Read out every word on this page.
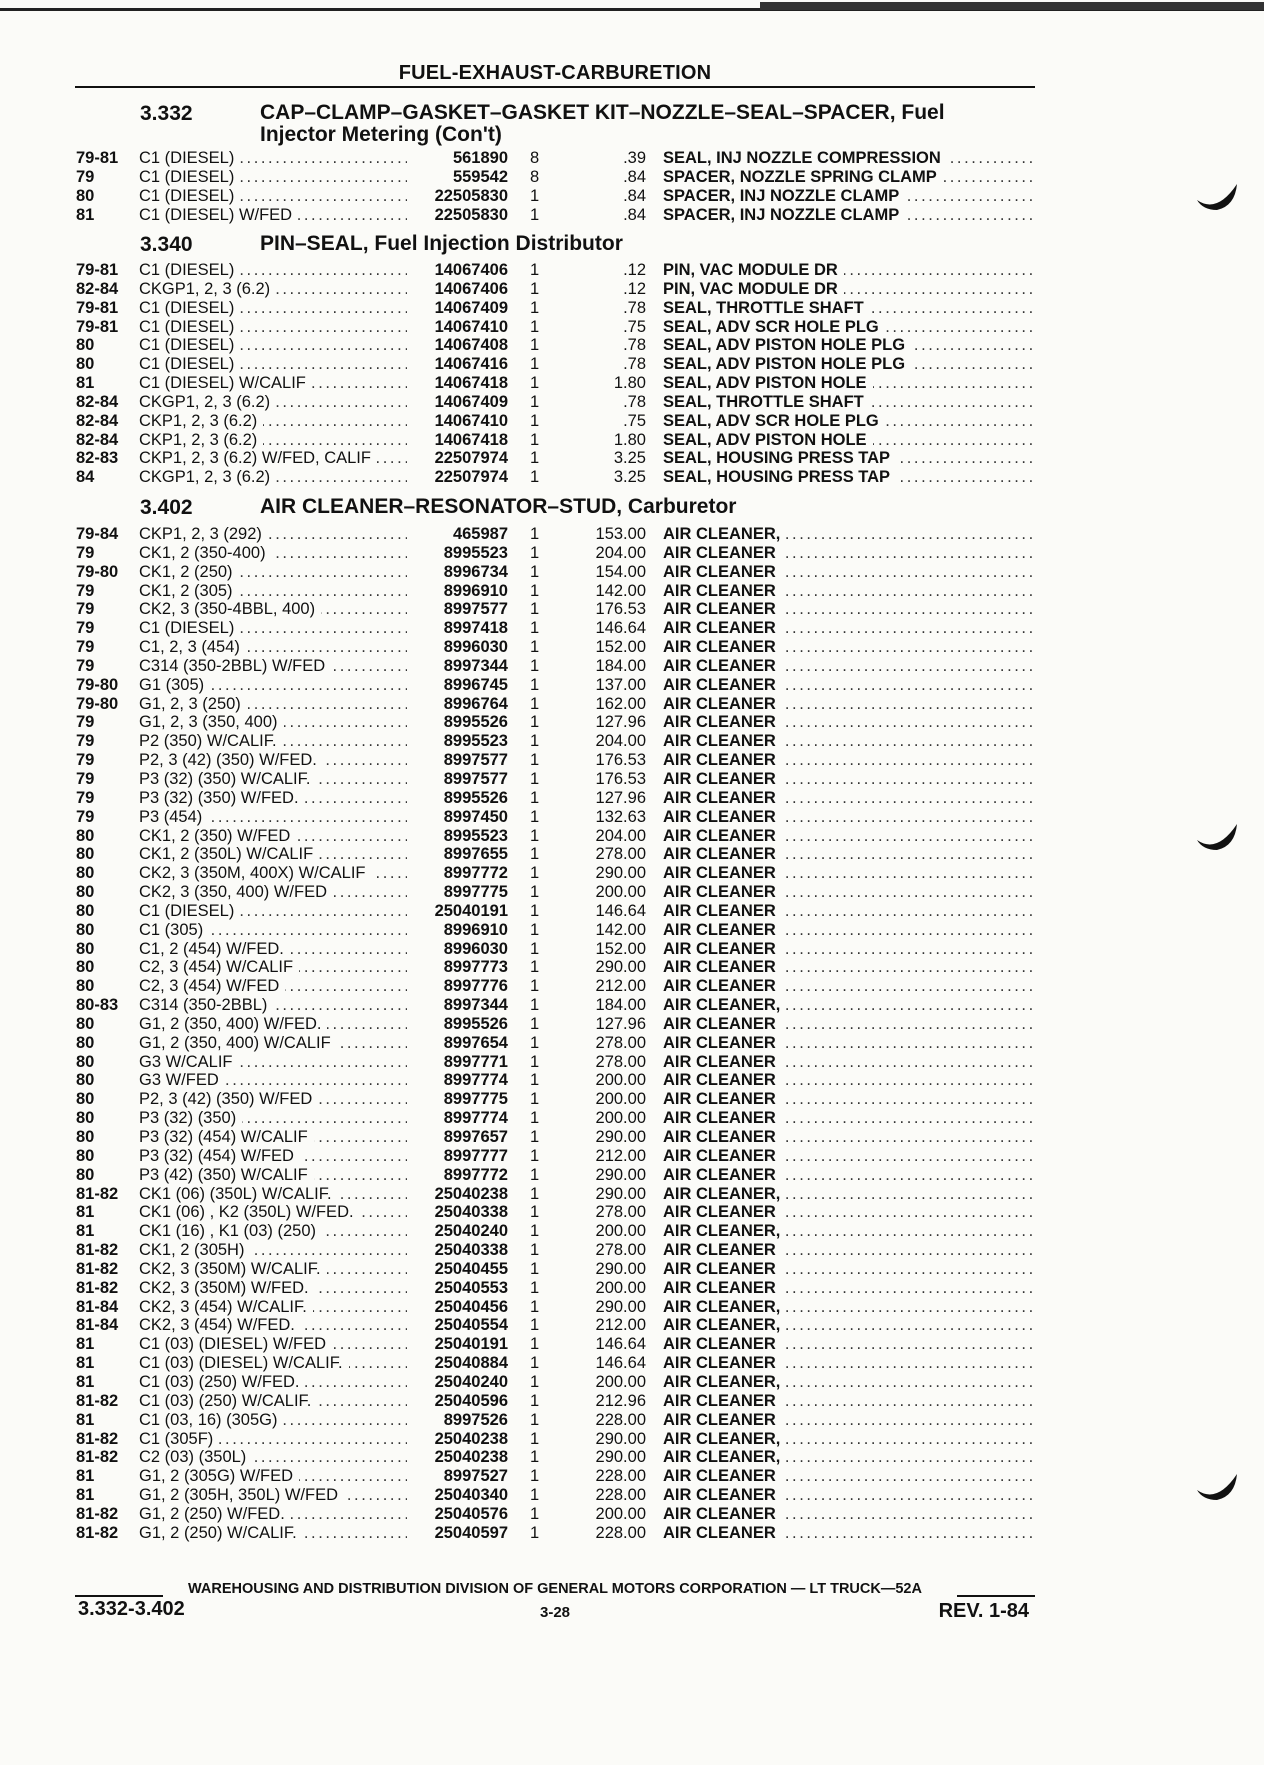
FUEL-EXHAUST-CARBURETION
3.332	CAP–CLAMP–GASKET–GASKET KIT–NOZZLE–SEAL–SPACER, Fuel
Injector Metering (Con't)
79-81 C1 (DIESEL) . . .	561890 8	.39 SEAL, INJ NOZZLE COMPRESSION . . .
79	C1 (DIESEL) . . .	559542 8	.84 SPACER, NOZZLE SPRING CLAMP . . .
80	C1 (DIESEL) . . .	22505830 1	.84 SPACER, INJ NOZZLE CLAMP . . .
81	C1 (DIESEL) W/FED . . .	22505830 1	.84 SPACER, INJ NOZZLE CLAMP . . .
3.340	PIN–SEAL, Fuel Injection Distributor
79-81 C1 (DIESEL) . . .	14067406 1	.12 PIN, VAC MODULE DR . . .
82-84 CKGP1, 2, 3 (6.2) . . .	14067406 1	.12 PIN, VAC MODULE DR . . .
79-81 C1 (DIESEL) . . .	14067409 1	.78 SEAL, THROTTLE SHAFT . . .
79-81 C1 (DIESEL) . . .	14067410 1	.75 SEAL, ADV SCR HOLE PLG . . .
80	C1 (DIESEL) . . .	14067408 1	.78 SEAL, ADV PISTON HOLE PLG . . .
80	C1 (DIESEL) . . .	14067416 1	.78 SEAL, ADV PISTON HOLE PLG . . .
81	C1 (DIESEL) W/CALIF . . .	14067418 1	1.80 SEAL, ADV PISTON HOLE . . .
82-84 CKGP1, 2, 3 (6.2) . . .	14067409 1	.78 SEAL, THROTTLE SHAFT . . .
82-84 CKP1, 2, 3 (6.2) . . .	14067410 1	.75 SEAL, ADV SCR HOLE PLG . . .
82-84 CKP1, 2, 3 (6.2) . . .	14067418 1	1.80 SEAL, ADV PISTON HOLE . . .
82-83 CKP1, 2, 3 (6.2) W/FED, CALIF . . .	22507974 1	3.25 SEAL, HOUSING PRESS TAP . . .
84	CKGP1, 2, 3 (6.2) . . .	22507974 1	3.25 SEAL, HOUSING PRESS TAP . . .
3.402	AIR CLEANER–RESONATOR–STUD, Carburetor
79-84 CKP1, 2, 3 (292) . . .	465987 1	153.00 AIR CLEANER, . . .
79	CK1, 2 (350-400) . . .	8995523 1	204.00 AIR CLEANER . . .
79-80 CK1, 2 (250) . . .	8996734 1	154.00 AIR CLEANER . . .
79	CK1, 2 (305) . . .	8996910 1	142.00 AIR CLEANER . . .
79	CK2, 3 (350-4BBL, 400) . . .	8997577 1	176.53 AIR CLEANER . . .
79	C1 (DIESEL) . . .	8997418 1	146.64 AIR CLEANER . . .
79	C1, 2, 3 (454) . . .	8996030 1	152.00 AIR CLEANER . . .
79	C314 (350-2BBL) W/FED . . .	8997344 1	184.00 AIR CLEANER . . .
79-80 G1 (305) . . .	8996745 1	137.00 AIR CLEANER . . .
79-80 G1, 2, 3 (250) . . .	8996764 1	162.00 AIR CLEANER . . .
79	G1, 2, 3 (350, 400) . . .	8995526 1	127.96 AIR CLEANER . . .
79	P2 (350) W/CALIF. . . .	8995523 1	204.00 AIR CLEANER . . .
79	P2, 3 (42) (350) W/FED. . . .	8997577 1	176.53 AIR CLEANER . . .
79	P3 (32) (350) W/CALIF. . . .	8997577 1	176.53 AIR CLEANER . . .
79	P3 (32) (350) W/FED. . . .	8995526 1	127.96 AIR CLEANER . . .
79	P3 (454) . . .	8997450 1	132.63 AIR CLEANER . . .
80	CK1, 2 (350) W/FED . . .	8995523 1	204.00 AIR CLEANER . . .
80	CK1, 2 (350L) W/CALIF . . .	8997655 1	278.00 AIR CLEANER . . .
80	CK2, 3 (350M, 400X) W/CALIF . . .	8997772 1	290.00 AIR CLEANER . . .
80	CK2, 3 (350, 400) W/FED . . .	8997775 1	200.00 AIR CLEANER . . .
80	C1 (DIESEL) . . .	25040191 1	146.64 AIR CLEANER . . .
80	C1 (305) . . .	8996910 1	142.00 AIR CLEANER . . .
80	C1, 2 (454) W/FED. . . .	8996030 1	152.00 AIR CLEANER . . .
80	C2, 3 (454) W/CALIF . . .	8997773 1	290.00 AIR CLEANER . . .
80	C2, 3 (454) W/FED . . .	8997776 1	212.00 AIR CLEANER . . .
80-83 C314 (350-2BBL) . . .	8997344 1	184.00 AIR CLEANER, . . .
80	G1, 2 (350, 400) W/FED. . . .	8995526 1	127.96 AIR CLEANER . . .
80	G1, 2 (350, 400) W/CALIF . . .	8997654 1	278.00 AIR CLEANER . . .
80	G3 W/CALIF . . .	8997771 1	278.00 AIR CLEANER . . .
80	G3 W/FED . . .	8997774 1	200.00 AIR CLEANER . . .
80	P2, 3 (42) (350) W/FED . . .	8997775 1	200.00 AIR CLEANER . . .
80	P3 (32) (350) . . .	8997774 1	200.00 AIR CLEANER . . .
80	P3 (32) (454) W/CALIF . . .	8997657 1	290.00 AIR CLEANER . . .
80	P3 (32) (454) W/FED . . .	8997777 1	212.00 AIR CLEANER . . .
80	P3 (42) (350) W/CALIF . . .	8997772 1	290.00 AIR CLEANER . . .
81-82 CK1 (06) (350L) W/CALIF. . . .	25040238 1	290.00 AIR CLEANER, . . .
81	CK1 (06) , K2 (350L) W/FED. . . .	25040338 1	278.00 AIR CLEANER . . .
81	CK1 (16) , K1 (03) (250) . . .	25040240 1	200.00 AIR CLEANER, . . .
81-82 CK1, 2 (305H) . . .	25040338 1	278.00 AIR CLEANER . . .
81-82 CK2, 3 (350M) W/CALIF. . . .	25040455 1	290.00 AIR CLEANER . . .
81-82 CK2, 3 (350M) W/FED. . . .	25040553 1	200.00 AIR CLEANER . . .
81-84 CK2, 3 (454) W/CALIF. . . .	25040456 1	290.00 AIR CLEANER, . . .
81-84 CK2, 3 (454) W/FED. . . .	25040554 1	212.00 AIR CLEANER, . . .
81	C1 (03) (DIESEL) W/FED . . .	25040191 1	146.64 AIR CLEANER . . .
81	C1 (03) (DIESEL) W/CALIF. . . .	25040884 1	146.64 AIR CLEANER . . .
81	C1 (03) (250) W/FED. . . .	25040240 1	200.00 AIR CLEANER, . . .
81-82 C1 (03) (250) W/CALIF. . . .	25040596 1	212.96 AIR CLEANER . . .
81	C1 (03, 16) (305G) . . .	8997526 1	228.00 AIR CLEANER . . .
81-82 C1 (305F) . . .	25040238 1	290.00 AIR CLEANER, . . .
81-82 C2 (03) (350L) . . .	25040238 1	290.00 AIR CLEANER, . . .
81	G1, 2 (305G) W/FED . . .	8997527 1	228.00 AIR CLEANER . . .
81	G1, 2 (305H, 350L) W/FED . . .	25040340 1	228.00 AIR CLEANER . . .
81-82 G1, 2 (250) W/FED. . . .	25040576 1	200.00 AIR CLEANER . . .
81-82 G1, 2 (250) W/CALIF. . . .	25040597 1	228.00 AIR CLEANER . . .
WAREHOUSING AND DISTRIBUTION DIVISION OF GENERAL MOTORS CORPORATION — LT TRUCK—52A
3.332-3.402	3-28	REV. 1-84
